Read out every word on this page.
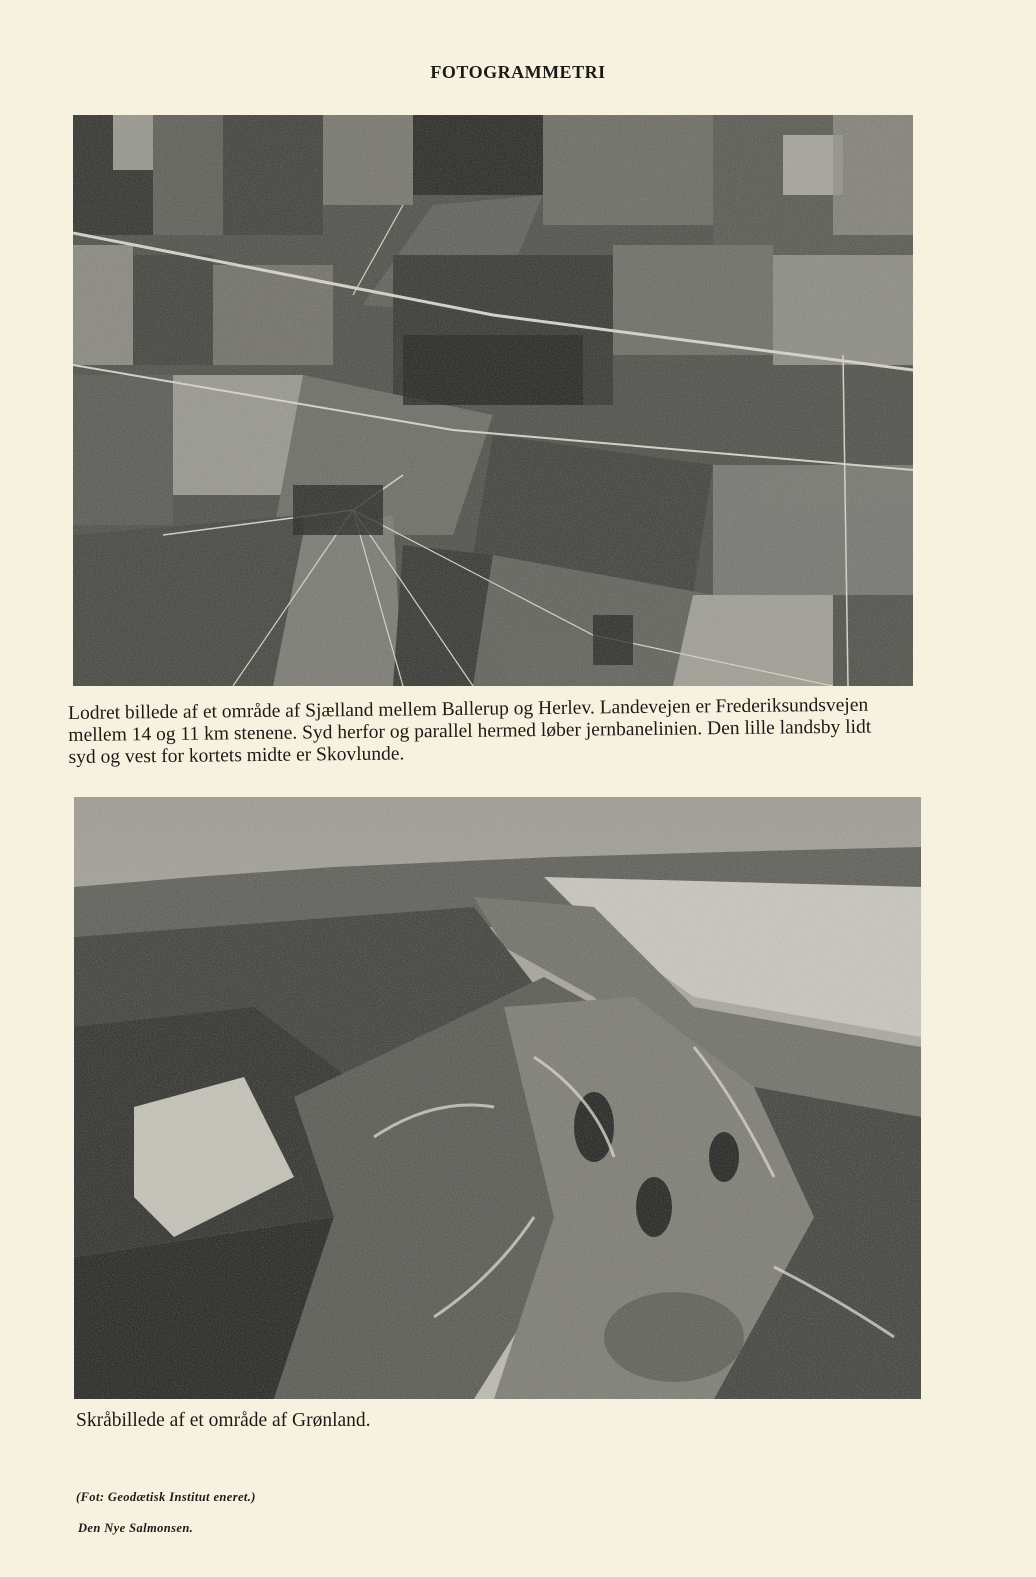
FOTOGRAMMETRI
Lodret billede af et område af Sjælland mellem Ballerup og Herlev. Landevejen er Frederiksundsvejen
mellem 14 og 11 km stenene. Syd herfor og parallel hermed løber jernbanelinien. Den lille landsby lidt
syd og vest for kortets midte er Skovlunde.
Skråbillede af et område af Grønland.
(Fot: Geodætisk Institut eneret.)
Den Nye Salmonsen.
